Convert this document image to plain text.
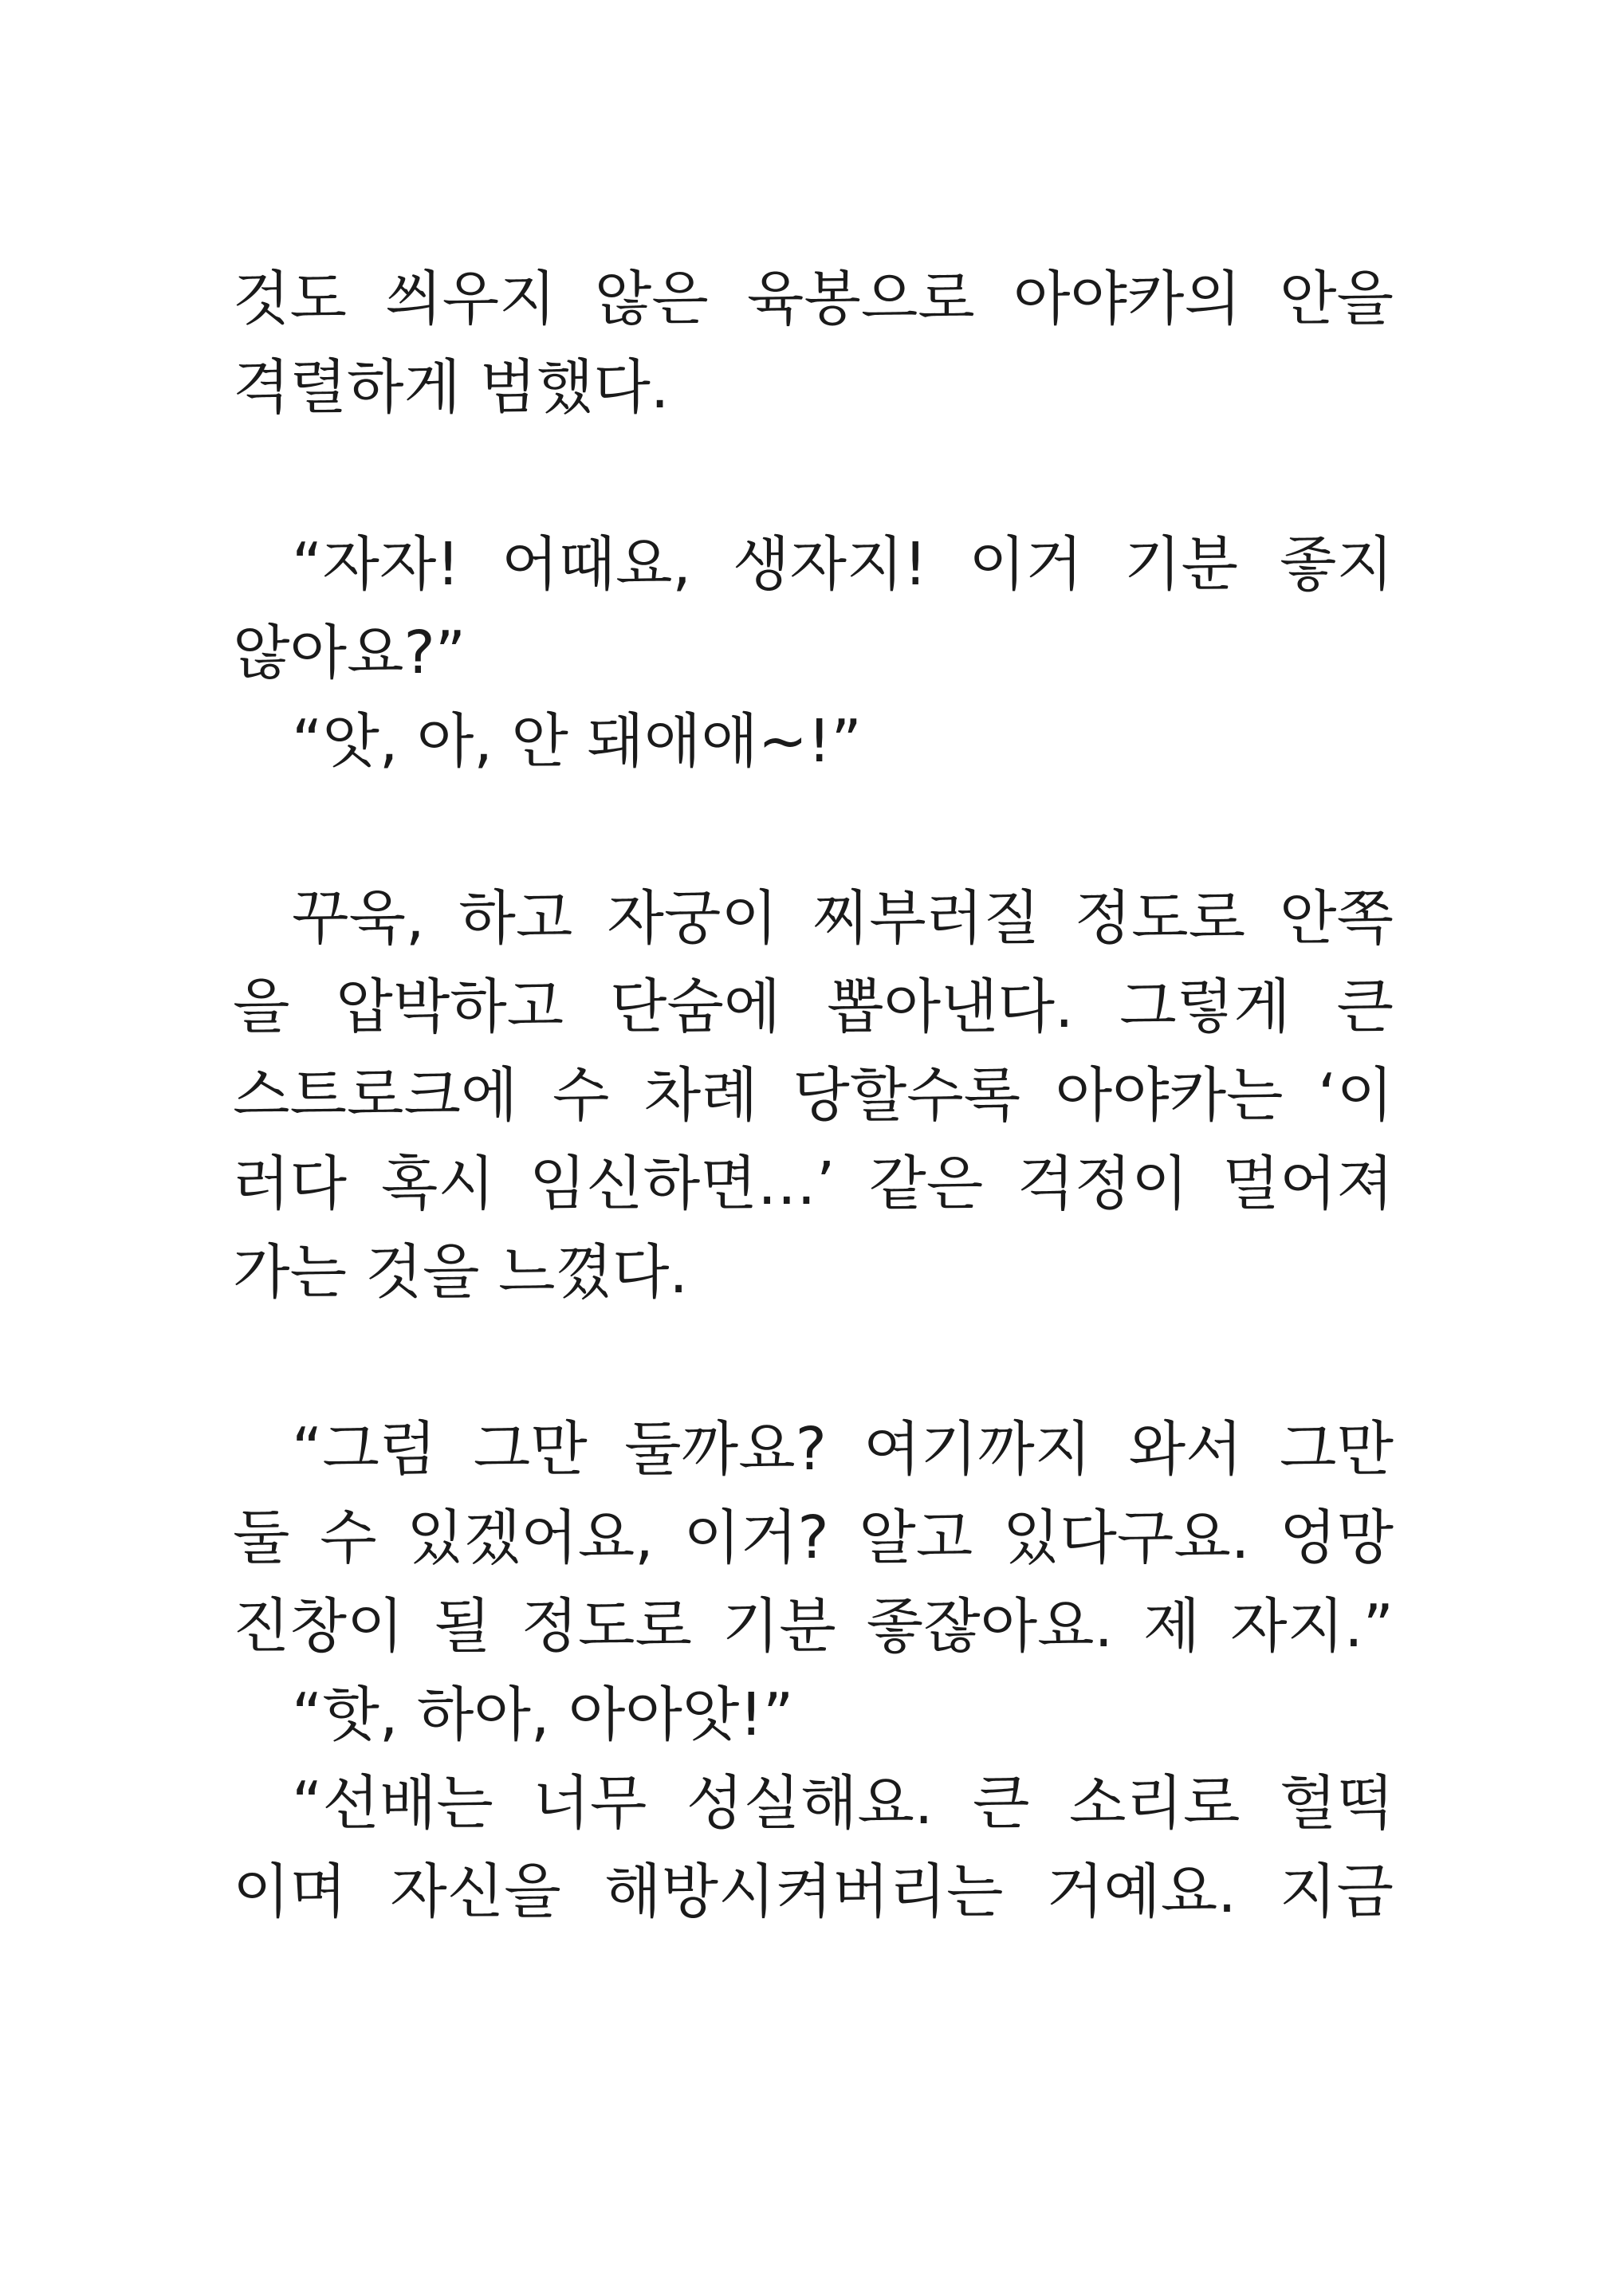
것도 씌우지 않은 육봉으로 아야카의 안을
격렬하게 범했다.
“자자! 어때요, 생자지! 이거 기분 좋지
않아요?”
“앗, 아, 안 돼애애~!”
꾸욱, 하고 자궁이 찌부러질 정도로 안쪽
을 압박하고 단숨에 뽑아낸다. 그렇게 큰
스트로크에 수 차례 당할수록 아야카는 ‘이
러다 혹시 임신하면…’ 같은 걱정이 멀어져
가는 것을 느꼈다.
“그럼 그만 둘까요? 여기까지 와서 그만
둘 수 있겠어요, 이거? 알고 있다구요. 엉망
진창이 될 정도로 기분 좋잖아요. 제 자지.”
“핫, 하아, 아아앗!”
“선배는 너무 성실해요. 큰 소리로 헐떡
이며 자신을 해방시켜버리는 거예요. 지금
